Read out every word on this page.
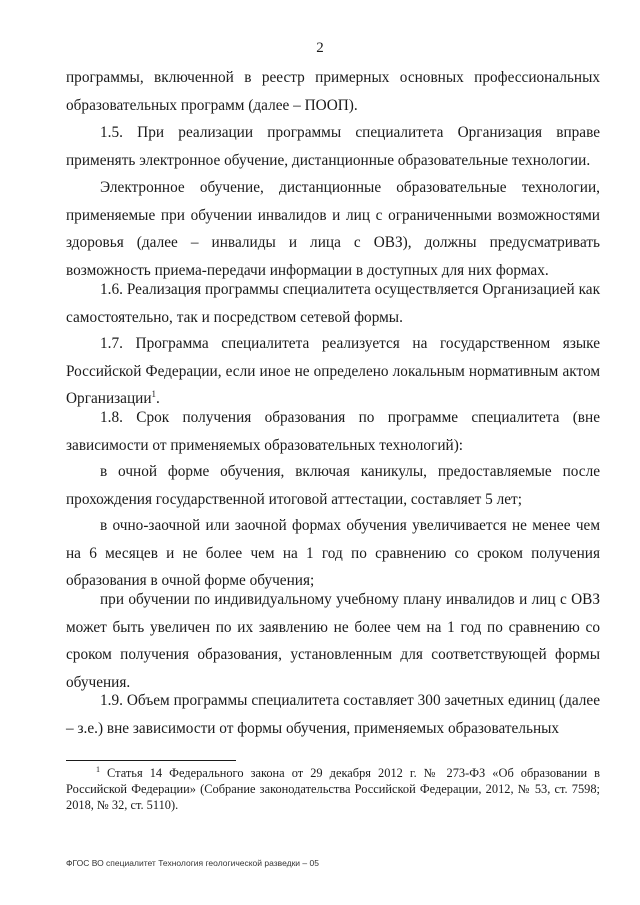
2

программы, включенной в реестр примерных основных профессиональных образовательных программ (далее – ПООП).

1.5. При реализации программы специалитета Организация вправе применять электронное обучение, дистанционные образовательные технологии.

Электронное обучение, дистанционные образовательные технологии, применяемые при обучении инвалидов и лиц с ограниченными возможностями здоровья (далее – инвалиды и лица с ОВЗ), должны предусматривать возможность приема-передачи информации в доступных для них формах.

1.6. Реализация программы специалитета осуществляется Организацией как самостоятельно, так и посредством сетевой формы.

1.7. Программа специалитета реализуется на государственном языке Российской Федерации, если иное не определено локальным нормативным актом Организации$^1$.

1.8. Срок получения образования по программе специалитета (вне зависимости от применяемых образовательных технологий):

в очной форме обучения, включая каникулы, предоставляемые после прохождения государственной итоговой аттестации, составляет 5 лет;

в очно-заочной или заочной формах обучения увеличивается не менее чем на 6 месяцев и не более чем на 1 год по сравнению со сроком получения образования в очной форме обучения;

при обучении по индивидуальному учебному плану инвалидов и лиц с ОВЗ может быть увеличен по их заявлению не более чем на 1 год по сравнению со сроком получения образования, установленным для соответствующей формы обучения.

1.9. Объем программы специалитета составляет 300 зачетных единиц (далее – з.е.) вне зависимости от формы обучения, применяемых образовательных

$^1$ Статья 14 Федерального закона от 29 декабря 2012 г. № 273-ФЗ «Об образовании в Российской Федерации» (Собрание законодательства Российской Федерации, 2012, № 53, ст. 7598; 2018, № 32, ст. 5110).

ФГОС ВО специалитет Технология геологической разведки – 05
